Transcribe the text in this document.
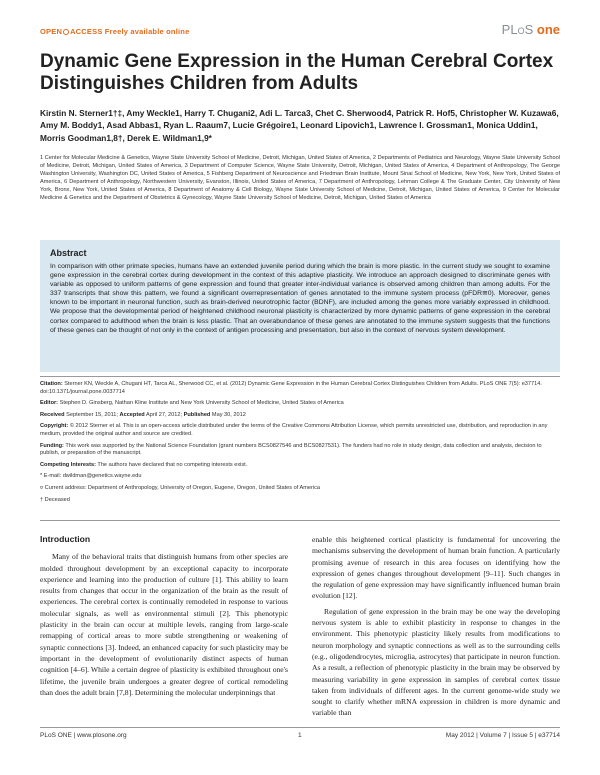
OPEN ACCESS Freely available online	PLoS one
Dynamic Gene Expression in the Human Cerebral Cortex Distinguishes Children from Adults
Kirstin N. Sterner1†‡, Amy Weckle1, Harry T. Chugani2, Adi L. Tarca3, Chet C. Sherwood4, Patrick R. Hof5, Christopher W. Kuzawa6, Amy M. Boddy1, Asad Abbas1, Ryan L. Raaum7, Lucie Grégoire1, Leonard Lipovich1, Lawrence I. Grossman1, Monica Uddin1, Morris Goodman1,8†, Derek E. Wildman1,9*
1 Center for Molecular Medicine & Genetics, Wayne State University School of Medicine, Detroit, Michigan, United States of America, 2 Departments of Pediatrics and Neurology, Wayne State University School of Medicine, Detroit, Michigan, United States of America, 3 Department of Computer Science, Wayne State University, Detroit, Michigan, United States of America, 4 Department of Anthropology, The George Washington University, Washington DC, United States of America, 5 Fishberg Department of Neuroscience and Friedman Brain Institute, Mount Sinai School of Medicine, New York, New York, United States of America, 6 Department of Anthropology, Northwestern University, Evanston, Illinois, United States of America, 7 Department of Anthropology, Lehman College & The Graduate Center, City University of New York, Bronx, New York, United States of America, 8 Department of Anatomy & Cell Biology, Wayne State University School of Medicine, Detroit, Michigan, United States of America, 9 Center for Molecular Medicine & Genetics and the Department of Obstetrics & Gynecology, Wayne State University School of Medicine, Detroit, Michigan, United States of America
Abstract

In comparison with other primate species, humans have an extended juvenile period during which the brain is more plastic. In the current study we sought to examine gene expression in the cerebral cortex during development in the context of this adaptive plasticity. We introduce an approach designed to discriminate genes with variable as opposed to uniform patterns of gene expression and found that greater inter-individual variance is observed among children than among adults. For the 337 transcripts that show this pattern, we found a significant overrepresentation of genes annotated to the immune system process (pFDR≅0). Moreover, genes known to be important in neuronal function, such as brain-derived neurotrophic factor (BDNF), are included among the genes more variably expressed in childhood. We propose that the developmental period of heightened childhood neuronal plasticity is characterized by more dynamic patterns of gene expression in the cerebral cortex compared to adulthood when the brain is less plastic. That an overabundance of these genes are annotated to the immune system suggests that the functions of these genes can be thought of not only in the context of antigen processing and presentation, but also in the context of nervous system development.

Citation: Sterner KN, Weckle A, Chugani HT, Tarca AL, Sherwood CC, et al. (2012) Dynamic Gene Expression in the Human Cerebral Cortex Distinguishes Children from Adults. PLoS ONE 7(5): e37714. doi:10.1371/journal.pone.0037714
Editor: Stephen D. Ginsberg, Nathan Kline Institute and New York University School of Medicine, United States of America
Received September 15, 2011; Accepted April 27, 2012; Published May 30, 2012
Copyright: © 2012 Sterner et al. This is an open-access article distributed under the terms of the Creative Commons Attribution License, which permits unrestricted use, distribution, and reproduction in any medium, provided the original author and source are credited.
Funding: This work was supported by the National Science Foundation (grant numbers BCS0827546 and BCS0827531). The funders had no role in study design, data collection and analysis, decision to publish, or preparation of the manuscript.
Competing Interests: The authors have declared that no competing interests exist.
* E-mail: dwildman@genetics.wayne.edu
¤ Current address: Department of Anthropology, University of Oregon, Eugene, Oregon, United States of America
† Deceased
Introduction

Many of the behavioral traits that distinguish humans from other species are molded throughout development by an exceptional capacity to incorporate experience and learning into the production of culture [1]. This ability to learn results from changes that occur in the organization of the brain as the result of experiences. The cerebral cortex is continually remodeled in response to various molecular signals, as well as environmental stimuli [2]. This phenotypic plasticity in the brain can occur at multiple levels, ranging from large-scale remapping of cortical areas to more subtle strengthening or weakening of synaptic connections [3]. Indeed, an enhanced capacity for such plasticity may be important in the development of evolutionarily distinct aspects of human cognition [4–6]. While a certain degree of plasticity is exhibited throughout one's lifetime, the juvenile brain undergoes a greater degree of cortical remodeling than does the adult brain [7,8]. Determining the molecular underpinnings that

enable this heightened cortical plasticity is fundamental for uncovering the mechanisms subserving the development of human brain function. A particularly promising avenue of research in this area focuses on identifying how the expression of genes changes throughout development [9–11]. Such changes in the regulation of gene expression may have significantly influenced human brain evolution [12].

Regulation of gene expression in the brain may be one way the developing nervous system is able to exhibit plasticity in response to changes in the environment. This phenotypic plasticity likely results from modifications to neuron morphology and synaptic connections as well as to the surrounding cells (e.g., oligodendrocytes, microglia, astrocytes) that participate in neuron function. As a result, a reflection of phenotypic plasticity in the brain may be observed by measuring variability in gene expression in samples of cerebral cortex tissue taken from individuals of different ages. In the current genome-wide study we sought to clarify whether mRNA expression in children is more dynamic and variable than

PLoS ONE | www.plosone.org	1	May 2012 | Volume 7 | Issue 5 | e37714
